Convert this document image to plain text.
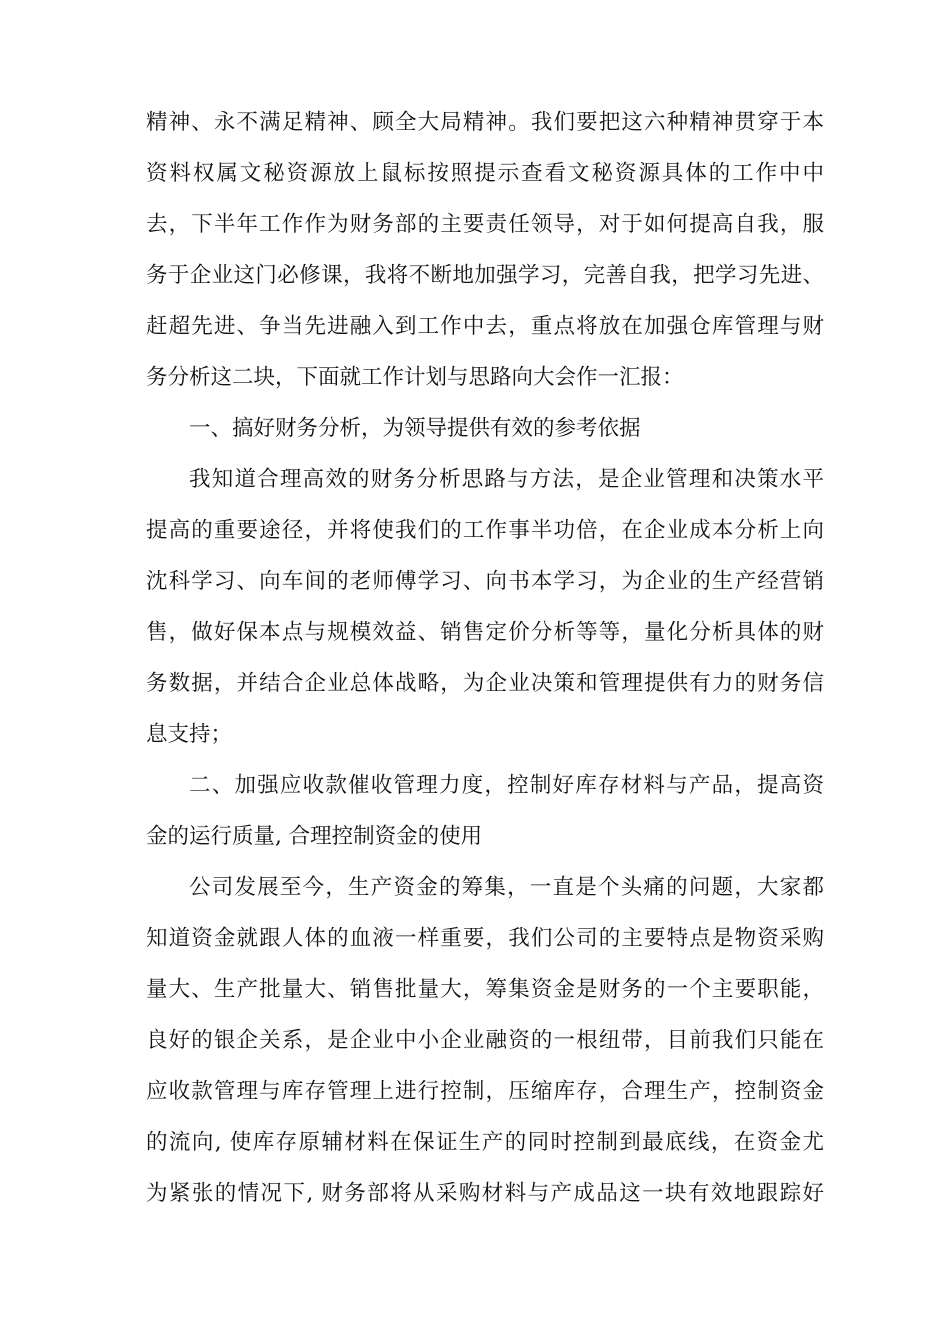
精神、永不满足精神、顾全大局精神。我们要把这六种精神贯穿于本
资料权属文秘资源放上鼠标按照提示查看文秘资源具体的工作中中
去，下半年工作作为财务部的主要责任领导，对于如何提高自我，服
务于企业这门必修课，我将不断地加强学习，完善自我，把学习先进、
赶超先进、争当先进融入到工作中去，重点将放在加强仓库管理与财
务分析这二块，下面就工作计划与思路向大会作一汇报：
一、搞好财务分析，为领导提供有效的参考依据
我知道合理高效的财务分析思路与方法，是企业管理和决策水平
提高的重要途径，并将使我们的工作事半功倍，在企业成本分析上向
沈科学习、向车间的老师傅学习、向书本学习，为企业的生产经营销
售，做好保本点与规模效益、销售定价分析等等，量化分析具体的财
务数据，并结合企业总体战略，为企业决策和管理提供有力的财务信
息支持；
二、加强应收款催收管理力度，控制好库存材料与产品，提高资
金的运行质量, 合理控制资金的使用
公司发展至今，生产资金的筹集，一直是个头痛的问题，大家都
知道资金就跟人体的血液一样重要，我们公司的主要特点是物资采购
量大、生产批量大、销售批量大，筹集资金是财务的一个主要职能，
良好的银企关系，是企业中小企业融资的一根纽带，目前我们只能在
应收款管理与库存管理上进行控制，压缩库存，合理生产，控制资金
的流向, 使库存原辅材料在保证生产的同时控制到最底线，在资金尤
为紧张的情况下, 财务部将从采购材料与产成品这一块有效地跟踪好
